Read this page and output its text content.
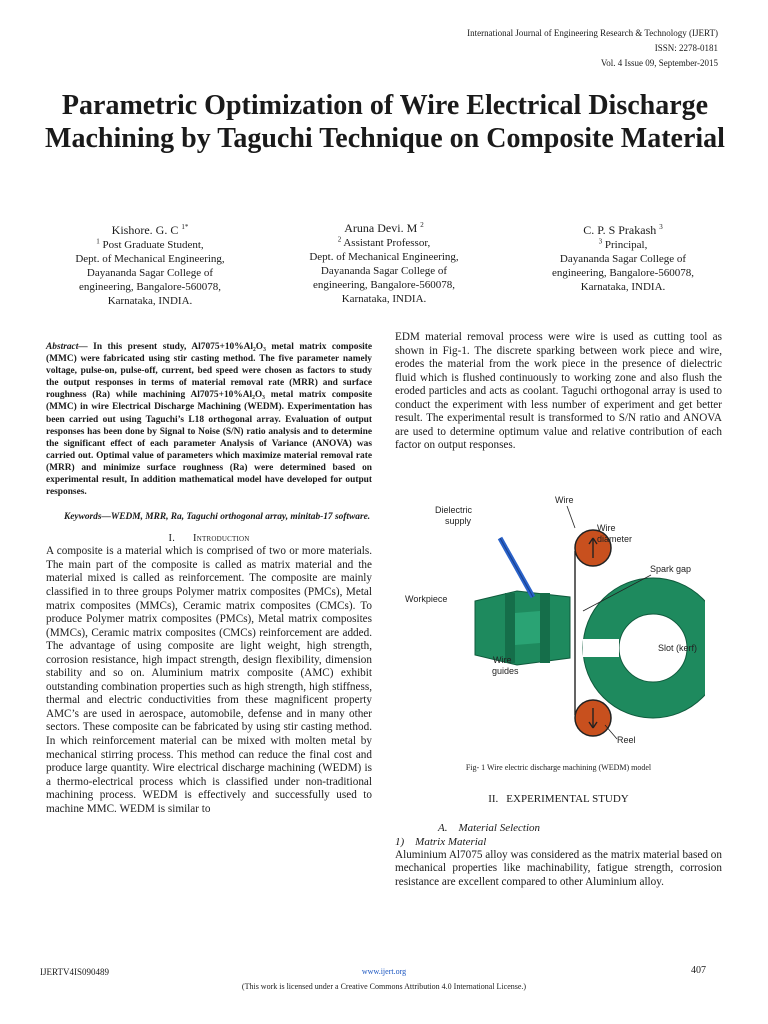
International Journal of Engineering Research & Technology (IJERT)
ISSN: 2278-0181
Vol. 4 Issue 09, September-2015
Parametric Optimization of Wire Electrical Discharge Machining by Taguchi Technique on Composite Material
Kishore. G. C $^{1*}$
$^1$ Post Graduate Student,
Dept. of Mechanical Engineering,
Dayananda Sagar College of
engineering, Bangalore-560078,
Karnataka, INDIA.
Aruna Devi. M $^2$
$^2$ Assistant Professor,
Dept. of Mechanical Engineering,
Dayananda Sagar College of
engineering, Bangalore-560078,
Karnataka, INDIA.
C. P. S Prakash $^3$
$^3$ Principal,
Dayananda Sagar College of
engineering, Bangalore-560078,
Karnataka, INDIA.

Abstract— In this present study, Al7075+10%Al₂O₃ metal matrix composite (MMC) were fabricated using stir casting method. The five parameter namely voltage, pulse-on, pulse-off, current, bed speed were chosen as factors to study the output responses in terms of material removal rate (MRR) and surface roughness (Ra) while machining Al7075+10%Al₂O₃ metal matrix composite (MMC) in wire Electrical Discharge Machining (WEDM). Experimentation has been carried out using Taguchi’s L18 orthogonal array. Evaluation of output responses has been done by Signal to Noise (S/N) ratio analysis and to determine the significant effect of each parameter Analysis of Variance (ANOVA) was carried out. Optimal value of parameters which maximize material removal rate (MRR) and minimize surface roughness (Ra) were determined based on experimental result, In addition mathematical model have developed for output responses.

Keywords—WEDM, MRR, Ra, Taguchi orthogonal array, minitab-17 software.

I. Introduction

A composite is a material which is comprised of two or more materials. The main part of the composite is called as matrix material and the material mixed is called as reinforcement. The composite are mainly classified in to three groups Polymer matrix composites (PMCs), Metal matrix composites (MMCs), Ceramic matrix composites (CMCs). To produce Polymer matrix composites (PMCs), Metal matrix composites (MMCs), Ceramic matrix composites (CMCs) reinforcement are added. The advantage of using composite are light weight, high strength, corrosion resistance, high impact strength, design flexibility, dimension stability and so on. Aluminium matrix composite (AMC) exhibit outstanding combination properties such as high strength, high stiffness, thermal and electric conductivities from these magnificent property AMC’s are used in aerospace, automobile, defense and in many other sectors. These composite can be fabricated by using stir casting method. In which reinforcement material can be mixed with molten metal by mechanical stirring process. This method can reduce the final cost and produce large quantity. Wire electrical discharge machining (WEDM) is a thermo-electrical process which is classified under non-traditional machining process. WEDM is effectively and successfully used to machine MMC. WEDM is similar to

EDM material removal process were wire is used as cutting tool as shown in Fig-1. The discrete sparking between work piece and wire, erodes the material from the work piece in the presence of dielectric fluid which is flushed continuously to working zone and also flush the eroded particles and acts as coolant. Taguchi orthogonal array is used to conduct the experiment with less number of experiment and get better result. The experimental result is transformed to S/N ratio and ANOVA are used to determine optimum value and relative contribution of each factor on output responses.

Dielectric
supply
Wire
Wire
diameter
Spark gap
Workpiece
Slot (kerf)
Wire
guides
Reel
Fig- 1 Wire electric discharge machining (WEDM) model
II. EXPERIMENTAL STUDY
A. Material Selection
1) Matrix Material

Aluminium Al7075 alloy was considered as the matrix material based on mechanical properties like machinability, fatigue strength, corrosion resistance are excellent compared to other Aluminium alloy.

IJERTV4IS090489	www.ijert.org	407
(This work is licensed under a Creative Commons Attribution 4.0 International License.)
